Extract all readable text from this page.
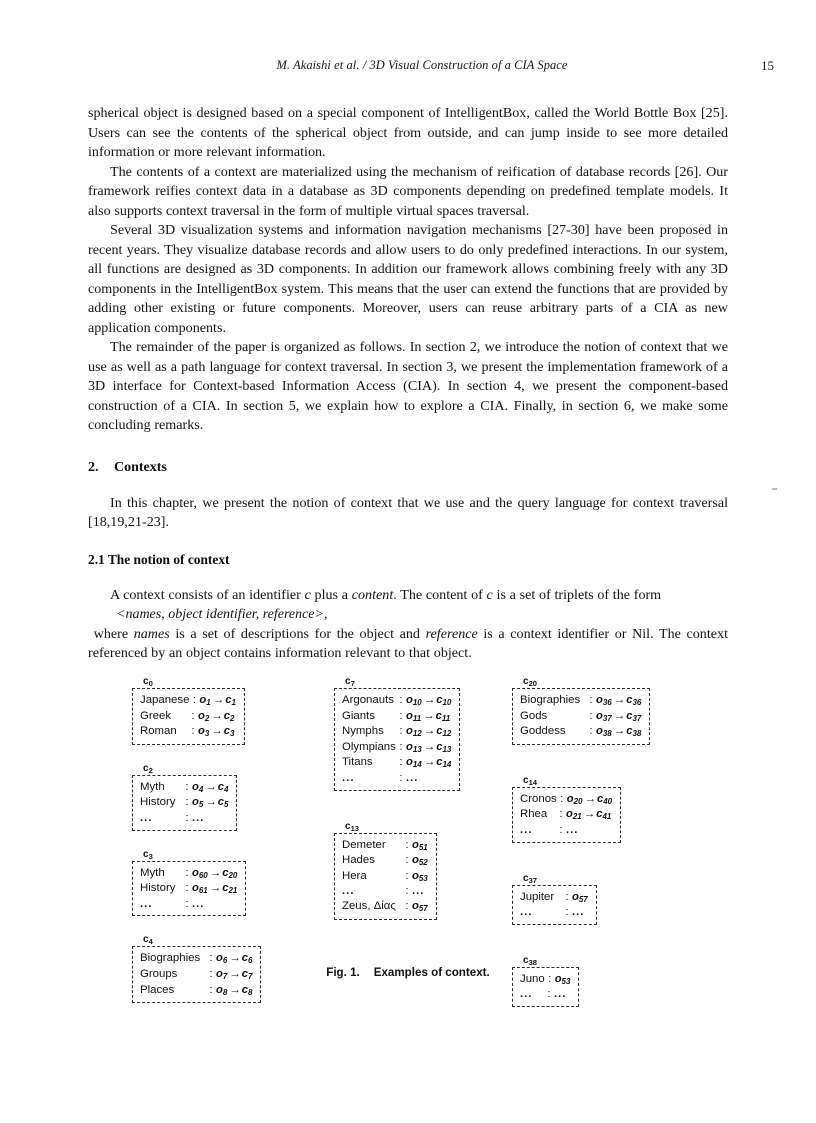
M. Akaishi et al. / 3D Visual Construction of a CIA Space	15

spherical object is designed based on a special component of IntelligentBox, called the World Bottle Box [25]. Users can see the contents of the spherical object from outside, and can jump inside to see more detailed information or more relevant information.

The contents of a context are materialized using the mechanism of reification of database records [26]. Our framework reifies context data in a database as 3D components depending on predefined template models. It also supports context traversal in the form of multiple virtual spaces traversal.

Several 3D visualization systems and information navigation mechanisms [27-30] have been proposed in recent years. They visualize database records and allow users to do only predefined interactions. In our system, all functions are designed as 3D components. In addition our framework allows combining freely with any 3D components in the IntelligentBox system. This means that the user can extend the functions that are provided by adding other existing or future components. Moreover, users can reuse arbitrary parts of a CIA as new application components.

The remainder of the paper is organized as follows. In section 2, we introduce the notion of context that we use as well as a path language for context traversal. In section 3, we present the implementation framework of a 3D interface for Context-based Information Access (CIA). In section 4, we present the component-based construction of a CIA. In section 5, we explain how to explore a CIA. Finally, in section 6, we make some concluding remarks.

2. Contexts

In this chapter, we present the notion of context that we use and the query language for context traversal [18,19,21-23].

2.1 The notion of context

A context consists of an identifier c plus a content. The content of c is a set of triplets of the form

<names, object identifier, reference>,

where names is a set of descriptions for the object and reference is a context identifier or Nil. The context referenced by an object contains information relevant to that object.

$c_0$
Japanese : $o_1 \to c_1$
Greek	: $o_2 \to c_2$
Roman	: $o_3 \to c_3$
$c_2$
Myth	: $o_4 \to c_4$
History : $o_5 \to c_5$
...	: ...
$c_3$
Myth	: $o_{60} \to c_{20}$
History : $o_{61} \to c_{21}$
...	: ...
$c_4$
Biographies : $o_6 \to c_6$
Groups	: $o_7 \to c_7$
Places	: $o_8 \to c_8$
$c_7$
Argonauts : $o_{10} \to c_{10}$
Giants	: $o_{11} \to c_{11}$
Nymphs	: $o_{12} \to c_{12}$
Olympians : $o_{13} \to c_{13}$
Titans	: $o_{14} \to c_{14}$
...	: ...
$c_{13}$
Demeter	: $o_{51}$
Hades	: $o_{52}$
Hera	: $o_{53}$
...	: ...
Zeus, Δίας : $o_{57}$
$c_{20}$
Biographies : $o_{36} \to c_{36}$
Gods	: $o_{37} \to c_{37}$
Goddess	: $o_{38} \to c_{38}$
$c_{14}$
Cronos : $o_{20} \to c_{40}$
Rhea	: $o_{21} \to c_{41}$
...	: ...
$c_{37}$
Jupiter : $o_{57}$
...	: ...
$c_{38}$
Juno : $o_{53}$
...	: ...
Fig. 1. Examples of context.
